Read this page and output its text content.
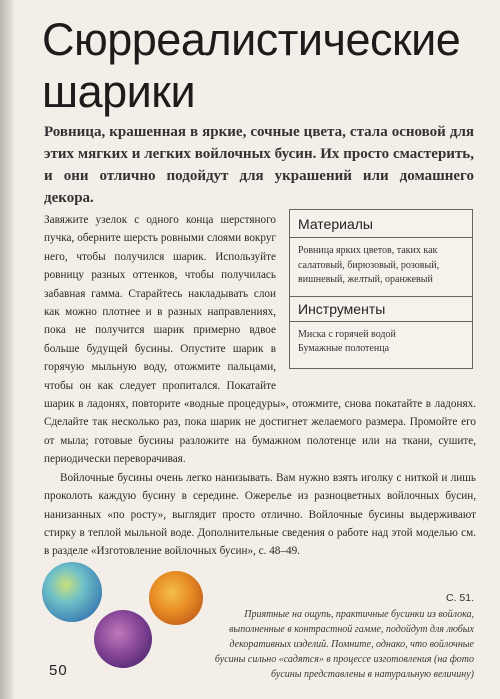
Сюрреалистические
шарики
Ровница, крашенная в яркие, сочные цвета, стала основой для этих мягких и легких войлочных бусин. Их просто смастерить, и они отлично подойдут для украшений или домашнего декора.

Завяжите узелок с одного конца шерстяного пучка, оберните шерсть ровными слоями вокруг него, чтобы получился шарик. Используйте ровницу разных оттенков, чтобы получилась забавная гамма. Старайтесь накладывать слои как можно плотнее и в разных направлениях, пока не получится шарик примерно вдвое больше будущей бусины. Опустите шарик в горячую мыльную воду, отожмите пальцами, чтобы он как следует пропитался. Покатайте шарик в ладонях, повторите «водные процедуры», отожмите, снова покатайте в ладонях. Сделайте так несколько раз, пока шарик не достигнет желаемого размера. Промойте его от мыла; готовые бусины разложите на бумажном полотенце или на ткани, сушите, периодически переворачивая.

Войлочные бусины очень легко нанизывать. Вам нужно взять иголку с ниткой и лишь проколоть каждую бусину в середине. Ожерелье из разноцветных войлочных бусин, нанизанных «по росту», выглядит просто отлично. Войлочные бусины выдерживают стирку в теплой мыльной воде. Дополнительные сведения о работе над этой моделью см. в разделе «Изготовление войлочных бусин», с. 48–49.

Материалы
Ровница ярких цветов, таких как салатовый, бирюзовый, розовый, вишневый, желтый, оранжевый
Инструменты
Миска с горячей водой
Бумажные полотенца
С. 51.
Приятные на ощупь, практичные бусинки из войлока, выполненные в контрастной гамме, подойдут для любых декоративных изделий. Помните, однако, что войлочные бусины сильно «садятся» в процессе изготовления (на фото бусины представлены в натуральную величину)
50
